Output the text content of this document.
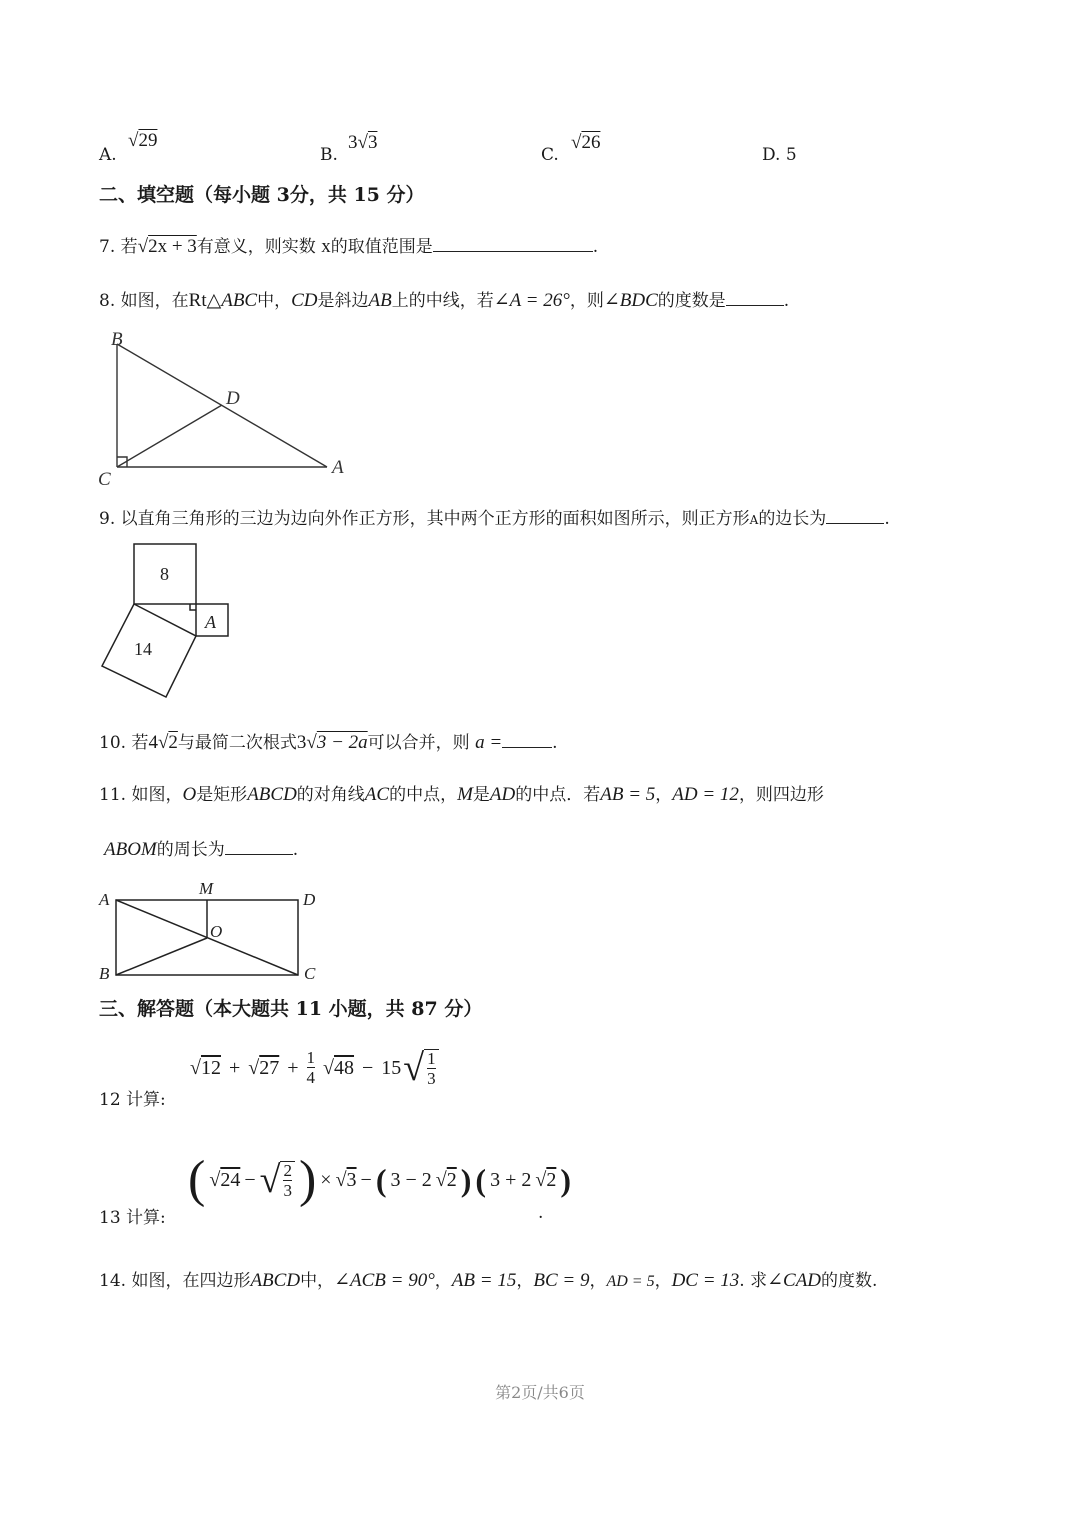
A.
√29
B.
3√3
C.
√26
D. 5
二、填空题（每小题 3分，共 15 分）
7. 若√2x + 3有意义，则实数 x的取值范围是	.
8. 如图，在Rt△ABC中，CD是斜边AB上的中线，若∠A = 26°，则∠BDC的度数是	.
B
C
A
D
9. 以直角三角形的三边为边向外作正方形，其中两个正方形的面积如图所示，则正方形A的边长为	.
8
14
A
10. 若4√2与最简二次根式3√3 − 2a可以合并，则 a =	.
11. 如图，O是矩形ABCD的对角线AC的中点，M是AD的中点．若AB = 5，AD = 12，则四边形
ABOM的周长为	.
A
M
D
O
B	C
三、解答题（本大题共 11 小题，共 87 分）
12 计算:
$√12 + √27 + \frac{1}{4} √48 - 15$ √ $\frac{1}{3}$
13 计算:
( √24 − √ $\frac{2}{3}$ ) × √3 − ( 3 − 2 √2 ) ( 3 + 2 √2 )
.
14. 如图，在四边形ABCD中，∠ACB = 90°，AB = 15，BC = 9，AD = 5，DC = 13. 求∠CAD的度数.
第2页/共6页
